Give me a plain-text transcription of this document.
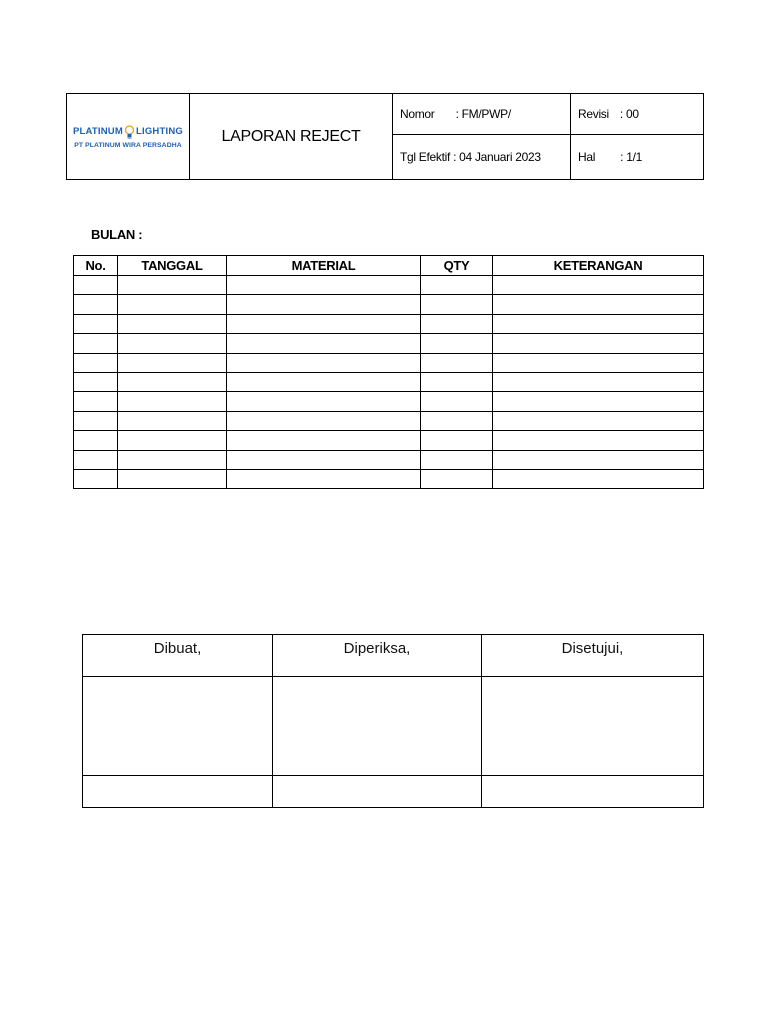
PLATINUM LIGHTING
PT PLATINUM WIRA PERSADHA	LAPORAN REJECT	Nomor : FM/PWP/	Revisi : 00
		Tgl Efektif : 04 Januari 2023	Hal : 1/1
BULAN :
No.	TANGGAL	MATERIAL	QTY	KETERANGAN

Dibuat,	Diperiksa,	Disetujui,
